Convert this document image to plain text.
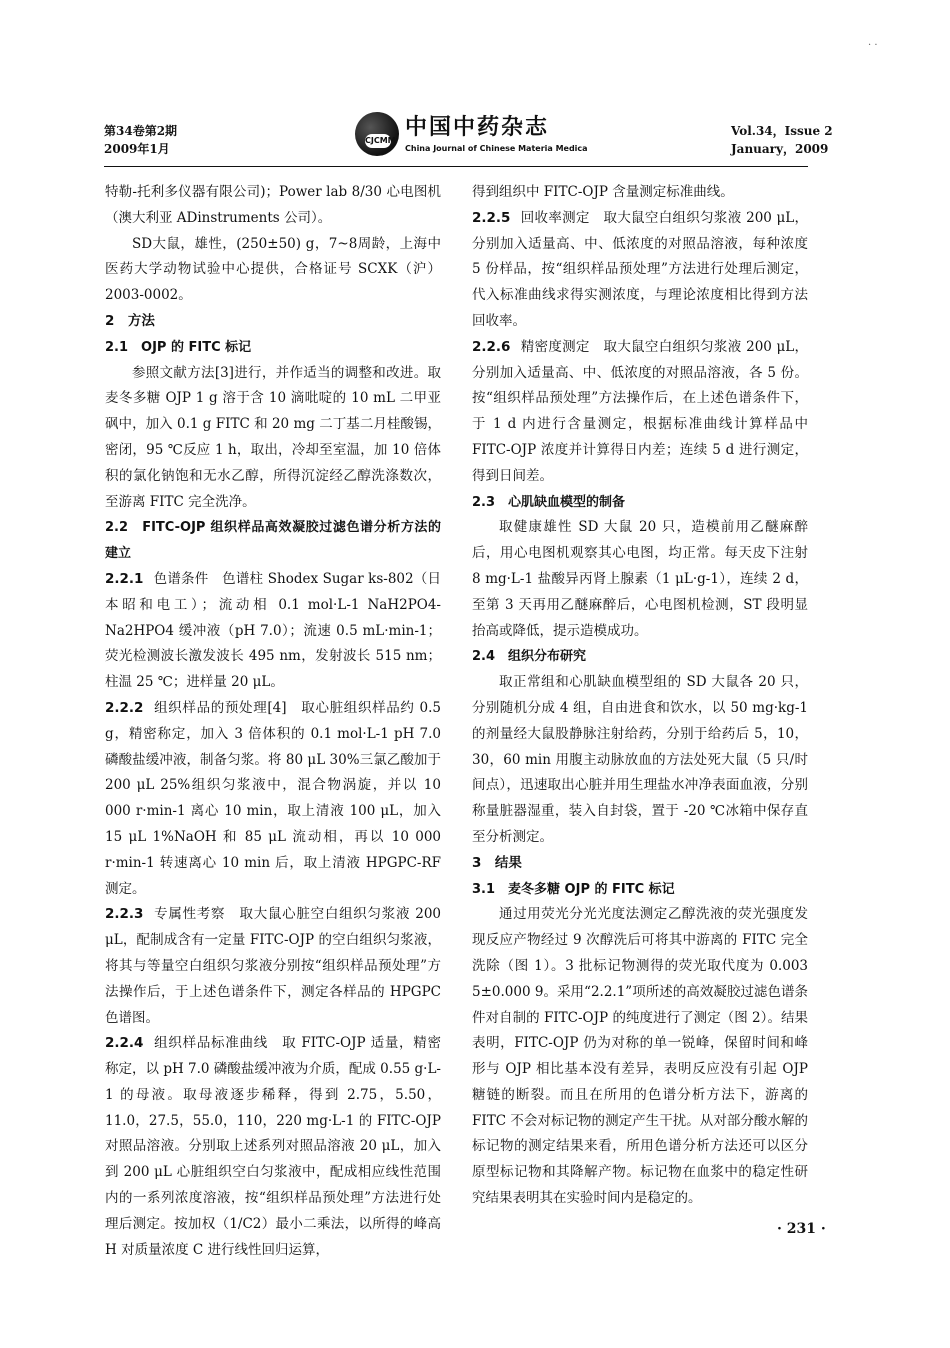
· ·
第34卷第2期
2009年1月
CJCMM
中国中药杂志
China Journal of Chinese Materia Medica
Vol.34，Issue 2
January，2009

特勒-托利多仪器有限公司)；Power lab 8/30 心电图机（澳大利亚 ADinstruments 公司）。

SD大鼠，雄性，(250±50) g，7~8周龄，上海中医药大学动物试验中心提供，合格证号 SCXK（沪）2003-0002。

2　方法

2.1　OJP 的 FITC 标记

参照文献方法[3]进行，并作适当的调整和改进。取麦冬多糖 OJP 1 g 溶于含 10 滴吡啶的 10 mL 二甲亚砜中，加入 0.1 g FITC 和 20 mg 二丁基二月桂酸锡，密闭，95 ℃反应 1 h，取出，冷却至室温，加 10 倍体积的氯化钠饱和无水乙醇，所得沉淀经乙醇洗涤数次，至游离 FITC 完全洗净。

2.2　FITC-OJP 组织样品高效凝胶过滤色谱分析方法的建立

2.2.1 色谱条件　色谱柱 Shodex Sugar ks-802（日本昭和电工）；流动相 0.1 mol·L-1 NaH2PO4-Na2HPO4 缓冲液（pH 7.0）；流速 0.5 mL·min-1；荧光检测波长激发波长 495 nm，发射波长 515 nm；柱温 25 ℃；进样量 20 μL。

2.2.2 组织样品的预处理[4]　取心脏组织样品约 0.5 g，精密称定，加入 3 倍体积的 0.1 mol·L-1 pH 7.0 磷酸盐缓冲液，制备匀浆。将 80 μL 30%三氯乙酸加于 200 μL 25%组织匀浆液中，混合物涡旋，并以 10 000 r·min-1 离心 10 min，取上清液 100 μL，加入 15 μL 1%NaOH 和 85 μL 流动相，再以 10 000 r·min-1 转速离心 10 min 后，取上清液 HPGPC-RF 测定。

2.2.3 专属性考察　取大鼠心脏空白组织匀浆液 200 μL，配制成含有一定量 FITC-OJP 的空白组织匀浆液，将其与等量空白组织匀浆液分别按“组织样品预处理”方法操作后，于上述色谱条件下，测定各样品的 HPGPC 色谱图。

2.2.4 组织样品标准曲线　取 FITC-OJP 适量，精密称定，以 pH 7.0 磷酸盐缓冲液为介质，配成 0.55 g·L-1 的母液。取母液逐步稀释，得到 2.75，5.50，11.0，27.5，55.0，110，220 mg·L-1 的 FITC-OJP 对照品溶液。分别取上述系列对照品溶液 20 μL，加入到 200 μL 心脏组织空白匀浆液中，配成相应线性范围内的一系列浓度溶液，按“组织样品预处理”方法进行处理后测定。按加权（1/C2）最小二乘法，以所得的峰高 H 对质量浓度 C 进行线性回归运算，

得到组织中 FITC-OJP 含量测定标准曲线。

2.2.5 回收率测定　取大鼠空白组织匀浆液 200 μL，分别加入适量高、中、低浓度的对照品溶液，每种浓度 5 份样品，按“组织样品预处理”方法进行处理后测定，代入标准曲线求得实测浓度，与理论浓度相比得到方法回收率。

2.2.6 精密度测定　取大鼠空白组织匀浆液 200 μL，分别加入适量高、中、低浓度的对照品溶液，各 5 份。按“组织样品预处理”方法操作后，在上述色谱条件下，于 1 d 内进行含量测定，根据标准曲线计算样品中 FITC-OJP 浓度并计算得日内差；连续 5 d 进行测定，得到日间差。

2.3　心肌缺血模型的制备

取健康雄性 SD 大鼠 20 只，造模前用乙醚麻醉后，用心电图机观察其心电图，均正常。每天皮下注射 8 mg·L-1 盐酸异丙肾上腺素（1 μL·g-1），连续 2 d，至第 3 天再用乙醚麻醉后，心电图机检测，ST 段明显抬高或降低，提示造模成功。

2.4　组织分布研究

取正常组和心肌缺血模型组的 SD 大鼠各 20 只，分别随机分成 4 组，自由进食和饮水，以 50 mg·kg-1 的剂量经大鼠股静脉注射给药，分别于给药后 5，10，30，60 min 用腹主动脉放血的方法处死大鼠（5 只/时间点），迅速取出心脏并用生理盐水冲净表面血液，分别称量脏器湿重，装入自封袋，置于 -20 ℃冰箱中保存直至分析测定。

3　结果

3.1　麦冬多糖 OJP 的 FITC 标记

通过用荧光分光光度法测定乙醇洗液的荧光强度发现反应产物经过 9 次醇洗后可将其中游离的 FITC 完全洗除（图 1）。3 批标记物测得的荧光取代度为 0.003 5±0.000 9。采用“2.2.1”项所述的高效凝胶过滤色谱条件对自制的 FITC-OJP 的纯度进行了测定（图 2）。结果表明，FITC-OJP 仍为对称的单一锐峰，保留时间和峰形与 OJP 相比基本没有差异，表明反应没有引起 OJP 糖链的断裂。而且在所用的色谱分析方法下，游离的 FITC 不会对标记物的测定产生干扰。从对部分酸水解的标记物的测定结果来看，所用色谱分析方法还可以区分原型标记物和其降解产物。标记物在血浆中的稳定性研究结果表明其在实验时间内是稳定的。

· 231 ·
